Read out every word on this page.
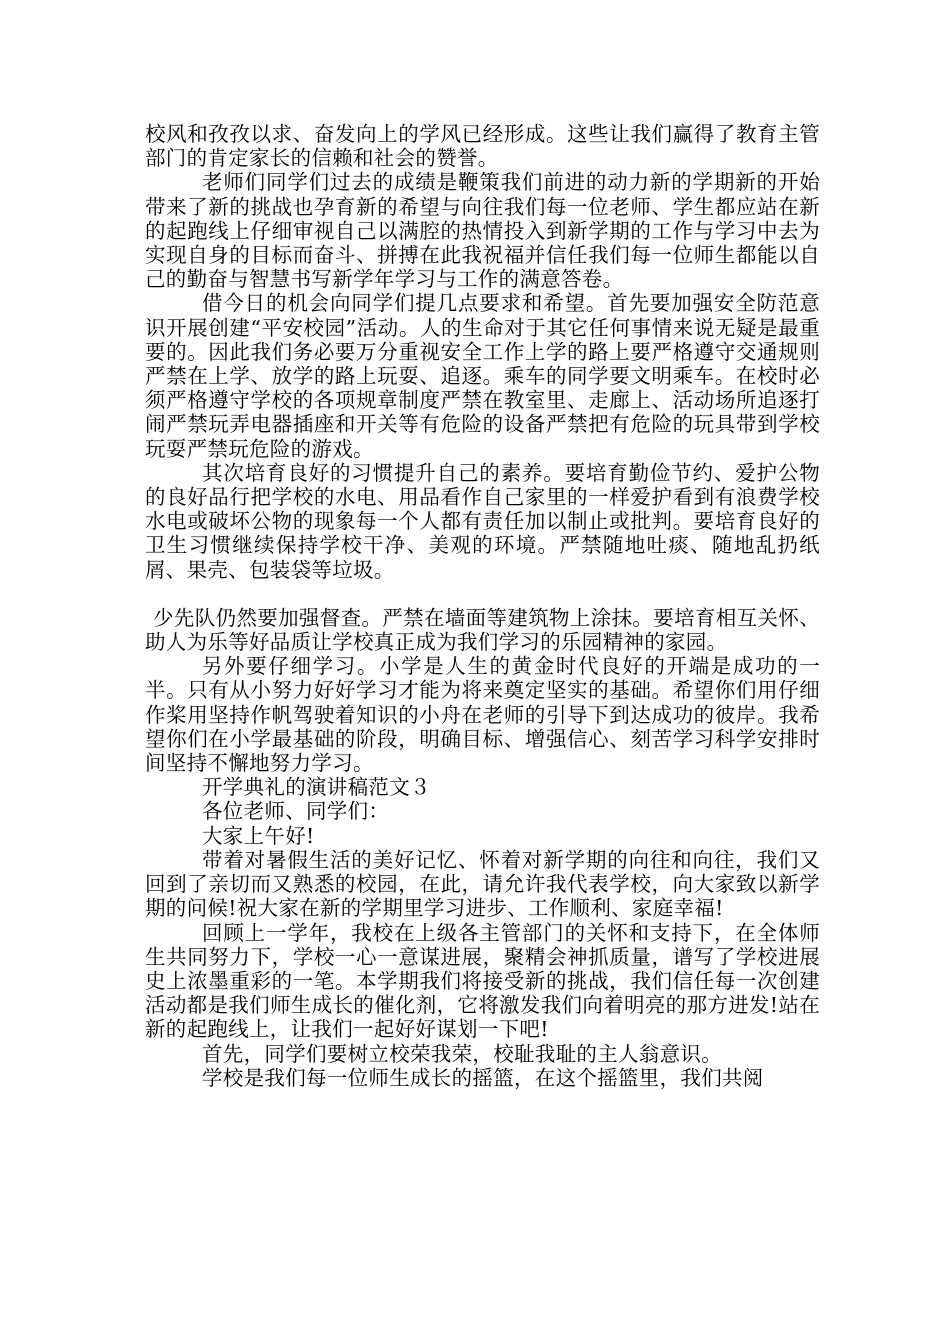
校风和孜孜以求、奋发向上的学风已经形成。这些让我们赢得了教育主管部门的肯定家长的信赖和社会的赞誉。

老师们同学们过去的成绩是鞭策我们前进的动力新的学期新的开始带来了新的挑战也孕育新的希望与向往我们每一位老师、学生都应站在新的起跑线上仔细审视自己以满腔的热情投入到新学期的工作与学习中去为实现自身的目标而奋斗、拼搏在此我祝福并信任我们每一位师生都能以自己的勤奋与智慧书写新学年学习与工作的满意答卷。

借今日的机会向同学们提几点要求和希望。首先要加强安全防范意识开展创建“平安校园”活动。人的生命对于其它任何事情来说无疑是最重要的。因此我们务必要万分重视安全工作上学的路上要严格遵守交通规则严禁在上学、放学的路上玩耍、追逐。乘车的同学要文明乘车。在校时必须严格遵守学校的各项规章制度严禁在教室里、走廊上、活动场所追逐打闹严禁玩弄电器插座和开关等有危险的设备严禁把有危险的玩具带到学校玩耍严禁玩危险的游戏。

其次培育良好的习惯提升自己的素养。要培育勤俭节约、爱护公物的良好品行把学校的水电、用品看作自己家里的一样爱护看到有浪费学校水电或破坏公物的现象每一个人都有责任加以制止或批判。要培育良好的卫生习惯继续保持学校干净、美观的环境。严禁随地吐痰、随地乱扔纸屑、果壳、包装袋等垃圾。

少先队仍然要加强督查。严禁在墙面等建筑物上涂抹。要培育相互关怀、助人为乐等好品质让学校真正成为我们学习的乐园精神的家园。

另外要仔细学习。小学是人生的黄金时代良好的开端是成功的一半。只有从小努力好好学习才能为将来奠定坚实的基础。希望你们用仔细作桨用坚持作帆驾驶着知识的小舟在老师的引导下到达成功的彼岸。我希望你们在小学最基础的阶段，明确目标、增强信心、刻苦学习科学安排时间坚持不懈地努力学习。

开学典礼的演讲稿范文３

各位老师、同学们：

大家上午好!

带着对暑假生活的美好记忆、怀着对新学期的向往和向往，我们又回到了亲切而又熟悉的校园，在此，请允许我代表学校，向大家致以新学期的问候!祝大家在新的学期里学习进步、工作顺利、家庭幸福!

回顾上一学年，我校在上级各主管部门的关怀和支持下，在全体师生共同努力下，学校一心一意谋进展，聚精会神抓质量，谱写了学校进展史上浓墨重彩的一笔。本学期我们将接受新的挑战，我们信任每一次创建活动都是我们师生成长的催化剂，它将激发我们向着明亮的那方进发!站在新的起跑线上，让我们一起好好谋划一下吧!

首先，同学们要树立校荣我荣，校耻我耻的主人翁意识。

学校是我们每一位师生成长的摇篮，在这个摇篮里，我们共阅
